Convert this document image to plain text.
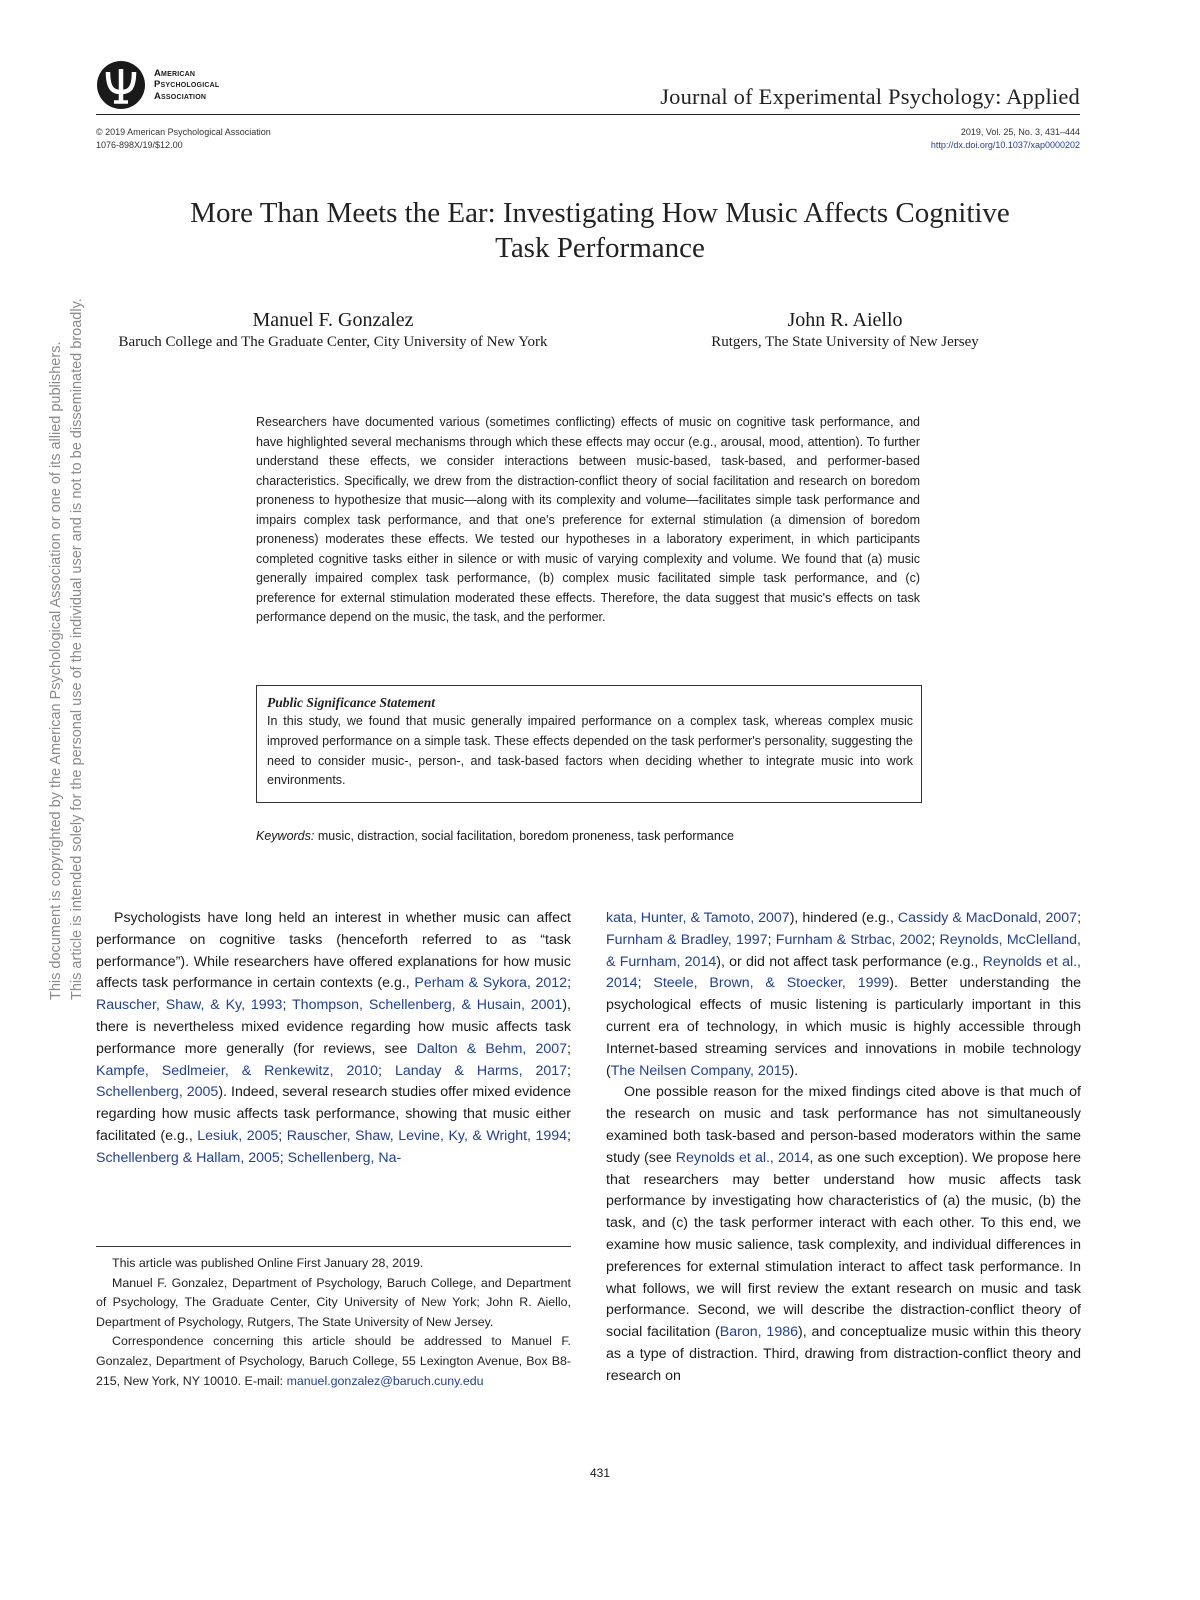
American
Psychological
Association	Journal of Experimental Psychology: Applied
© 2019 American Psychological Association
1076-898X/19/$12.00
2019, Vol. 25, No. 3, 431–444
http://dx.doi.org/10.1037/xap0000202
More Than Meets the Ear: Investigating How Music Affects Cognitive
Task Performance
Manuel F. Gonzalez
Baruch College and The Graduate Center, City University of New York
John R. Aiello
Rutgers, The State University of New Jersey
Researchers have documented various (sometimes conflicting) effects of music on cognitive task performance, and have highlighted several mechanisms through which these effects may occur (e.g., arousal, mood, attention). To further understand these effects, we consider interactions between music-based, task-based, and performer-based characteristics. Specifically, we drew from the distraction-conflict theory of social facilitation and research on boredom proneness to hypothesize that music—along with its complexity and volume—facilitates simple task performance and impairs complex task performance, and that one's preference for external stimulation (a dimension of boredom proneness) moderates these effects. We tested our hypotheses in a laboratory experiment, in which participants completed cognitive tasks either in silence or with music of varying complexity and volume. We found that (a) music generally impaired complex task performance, (b) complex music facilitated simple task performance, and (c) preference for external stimulation moderated these effects. Therefore, the data suggest that music's effects on task performance depend on the music, the task, and the performer.
Public Significance Statement
In this study, we found that music generally impaired performance on a complex task, whereas complex music improved performance on a simple task. These effects depended on the task performer's personality, suggesting the need to consider music-, person-, and task-based factors when deciding whether to integrate music into work environments.
Keywords: music, distraction, social facilitation, boredom proneness, task performance

Psychologists have long held an interest in whether music can affect performance on cognitive tasks (henceforth referred to as “task performance”). While researchers have offered explanations for how music affects task performance in certain contexts (e.g., Perham & Sykora, 2012; Rauscher, Shaw, & Ky, 1993; Thompson, Schellenberg, & Husain, 2001), there is nevertheless mixed evidence regarding how music affects task performance more generally (for reviews, see Dalton & Behm, 2007; Kampfe, Sedlmeier, & Renkewitz, 2010; Landay & Harms, 2017; Schellenberg, 2005). Indeed, several research studies offer mixed evidence regarding how music affects task performance, showing that music either facilitated (e.g., Lesiuk, 2005; Rauscher, Shaw, Levine, Ky, & Wright, 1994; Schellenberg & Hallam, 2005; Schellenberg, Na-

This article was published Online First January 28, 2019.

Manuel F. Gonzalez, Department of Psychology, Baruch College, and Department of Psychology, The Graduate Center, City University of New York; John R. Aiello, Department of Psychology, Rutgers, The State University of New Jersey.

Correspondence concerning this article should be addressed to Manuel F. Gonzalez, Department of Psychology, Baruch College, 55 Lexington Avenue, Box B8-215, New York, NY 10010. E-mail: manuel.gonzalez@baruch.cuny.edu

kata, Hunter, & Tamoto, 2007), hindered (e.g., Cassidy & MacDonald, 2007; Furnham & Bradley, 1997; Furnham & Strbac, 2002; Reynolds, McClelland, & Furnham, 2014), or did not affect task performance (e.g., Reynolds et al., 2014; Steele, Brown, & Stoecker, 1999). Better understanding the psychological effects of music listening is particularly important in this current era of technology, in which music is highly accessible through Internet-based streaming services and innovations in mobile technology (The Neilsen Company, 2015).

One possible reason for the mixed findings cited above is that much of the research on music and task performance has not simultaneously examined both task-based and person-based moderators within the same study (see Reynolds et al., 2014, as one such exception). We propose here that researchers may better understand how music affects task performance by investigating how characteristics of (a) the music, (b) the task, and (c) the task performer interact with each other. To this end, we examine how music salience, task complexity, and individual differences in preferences for external stimulation interact to affect task performance. In what follows, we will first review the extant research on music and task performance. Second, we will describe the distraction-conflict theory of social facilitation (Baron, 1986), and conceptualize music within this theory as a type of distraction. Third, drawing from distraction-conflict theory and research on

431
This document is copyrighted by the American Psychological Association or one of its allied publishers. This article is intended solely for the personal use of the individual user and is not to be disseminated broadly.
